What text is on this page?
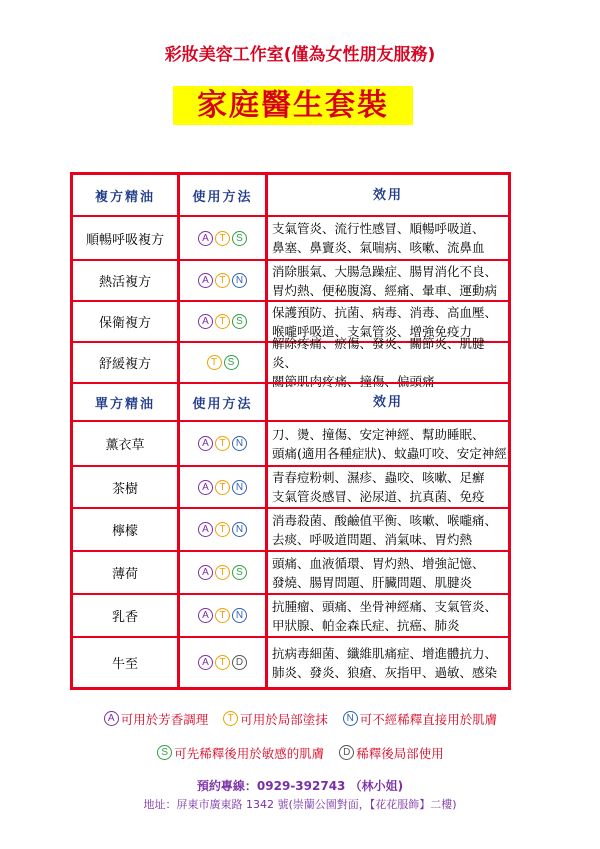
彩妝美容工作室(僅為女性朋友服務)
家庭醫生套裝
複方精油	使用方法	效用
順暢呼吸複方	A	T	S
支氣管炎、流行性感冒、順暢呼吸道、
鼻塞、鼻竇炎、氣喘病、咳嗽、流鼻血
熱活複方	A	T	N
消除脹氣、大腸急躁症、腸胃消化不良、
胃灼熱、便秘腹瀉、經痛、暈車、運動病
保衛複方	A	T	S
保護預防、抗菌、病毒、消毒、高血壓、
喉嚨呼吸道、支氣管炎、增強免疫力
舒緩複方	T	S
解除疼痛、瘀傷、發炎、關節炎、肌腱炎、
關節肌肉疼痛、撞傷、偏頭痛
單方精油	使用方法	效用
薰衣草	A	T	N
刀、燙、撞傷、安定神經、幫助睡眠、
頭痛(適用各種症狀)、蚊蟲叮咬、安定神經
茶樹	A	T	N
青春痘粉刺、濕疹、蟲咬、咳嗽、足癬
支氣管炎感冒、泌尿道、抗真菌、免疫
檸檬	A	T	N
消毒殺菌、酸鹼值平衡、咳嗽、喉嚨痛、
去痰、呼吸道問題、消氣味、胃灼熱
薄荷	A	T	S
頭痛、血液循環、胃灼熱、增強記憶、
發燒、腸胃問題、肝臟問題、肌腱炎
乳香	A	T	N
抗腫瘤、頭痛、坐骨神經痛、支氣管炎、
甲狀腺、帕金森氏症、抗癌、肺炎
牛至	A	T	D
抗病毒細菌、纖維肌痛症、增進體抗力、
肺炎、發炎、狼瘡、灰指甲、過敏、感染
A 可用於芳香調理	T 可用於局部塗抹	N 可不經稀釋直接用於肌膚
S 可先稀釋後用於敏感的肌膚	D 稀釋後局部使用
預約專線：0929-392743 （林小姐)
地址：屏東市廣東路 1342 號(崇蘭公園對面，【花花服飾】二樓)
